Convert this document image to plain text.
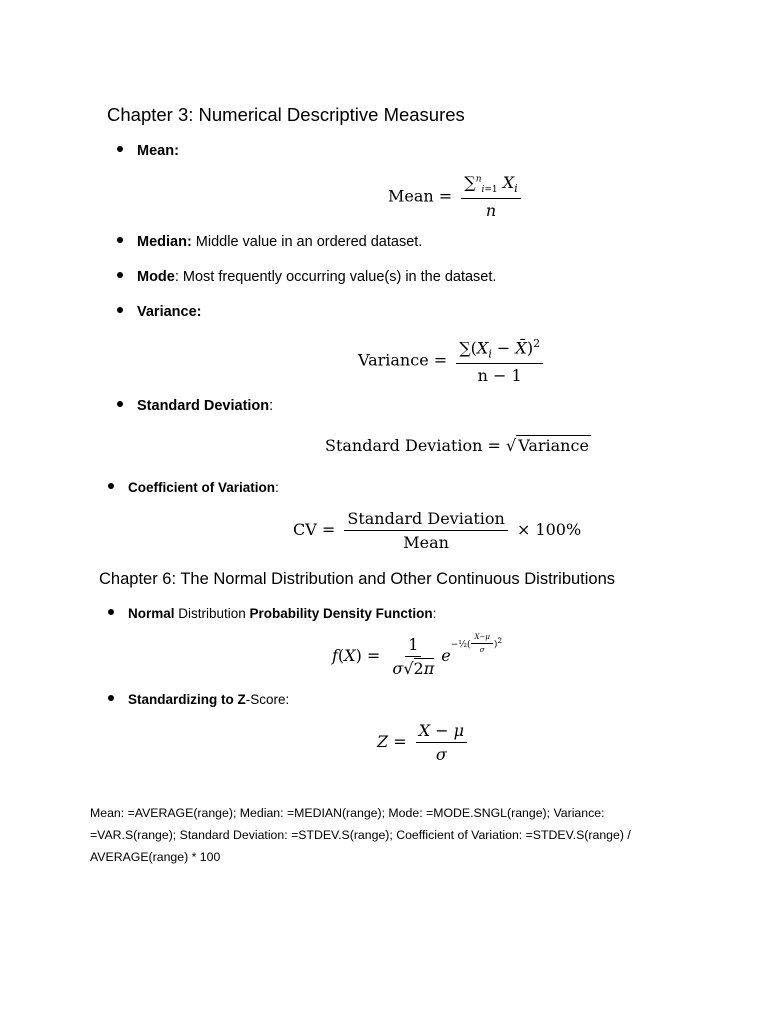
Chapter 3: Numerical Descriptive Measures
Mean:
Mean = $\frac{\sum^n_{i=1} X_i}{n}$
Median: Middle value in an ordered dataset.
Mode: Most frequently occurring value(s) in the dataset.
Variance:
Variance = $\frac{\sum(X_i - X̄)^2}{n - 1}$
Standard Deviation:
Standard Deviation = √ Variance
Coefficient of Variation:
CV = $\frac{\text{Standard Deviation}}{\text{Mean}} \times 100\%$
Chapter 6: The Normal Distribution and Other Continuous Distributions
Normal Distribution Probability Density Function:
$f(X) = \frac{1}{\sigma√2\pi} e^{-\frac{1}{2}( \frac{X-\mu}{\sigma} )^2}$
Standardizing to Z-Score:
$Z = \frac{X - \mu}{\sigma}$
Mean: =AVERAGE(range); Median: =MEDIAN(range); Mode: =MODE.SNGL(range); Variance: =VAR.S(range); Standard Deviation: =STDEV.S(range); Coefficient of Variation: =STDEV.S(range) / AVERAGE(range) * 100
